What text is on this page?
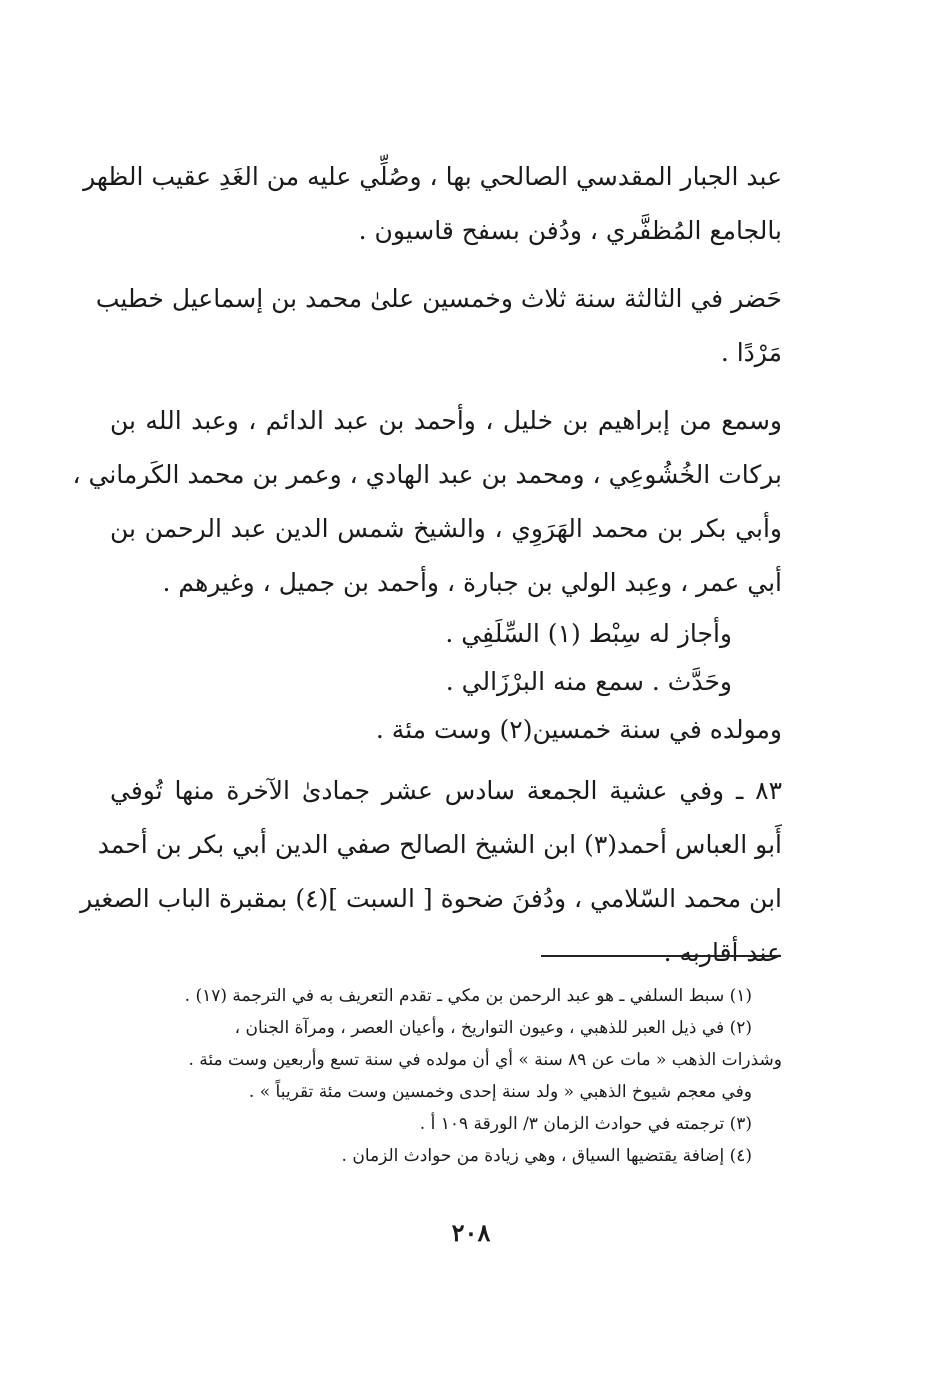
عبد الجبار المقدسي الصالحي بها ، وصُلِّي عليه من الغَدِ عقيب الظهر
بالجامع المُظفَّري ، ودُفن بسفح قاسيون .
حَضر في الثالثة سنة ثلاث وخمسين علىٰ محمد بن إسماعيل خطيب
مَرْدًا .
وسمع من إبراهيم بن خليل ، وأحمد بن عبد الدائم ، وعبد الله بن
بركات الخُشُوعِي ، ومحمد بن عبد الهادي ، وعمر بن محمد الكَرماني ،
وأبي بكر بن محمد الهَرَوِي ، والشيخ شمس الدين عبد الرحمن بن
أبي عمر ، وعِبد الولي بن جبارة ، وأحمد بن جميل ، وغيرهم .
وأجاز له سِبْط (١) السِّلَفِي .
وحَدَّث . سمع منه البرْزَالي .
ومولده في سنة خمسين(٢) وست مئة .
٨٣ ـ وفي عشية الجمعة سادس عشر جمادىٰ الآخرة منها تُوفي
أَبو العباس أحمد(٣) ابن الشيخ الصالح صفي الدين أبي بكر بن أحمد
ابن محمد السّلامي ، ودُفنَ ضحوة [ السبت ](٤) بمقبرة الباب الصغير
عند أقاربه .
(١) سبط السلفي ـ هو عبد الرحمن بن مكي ـ تقدم التعريف به في الترجمة (١٧) .
(٢) في ذيل العبر للذهبي ، وعيون التواريخ ، وأعيان العصر ، ومرآة الجنان ،
وشذرات الذهب « مات عن ٨٩ سنة » أي أن مولده في سنة تسع وأربعين وست مئة .
وفي معجم شيوخ الذهبي « ولد سنة إحدى وخمسين وست مئة تقريباً » .
(٣) ترجمته في حوادث الزمان ٣/ الورقة ١٠٩ أ .
(٤) إضافة يقتضيها السياق ، وهي زيادة من حوادث الزمان .
٢٠٨
